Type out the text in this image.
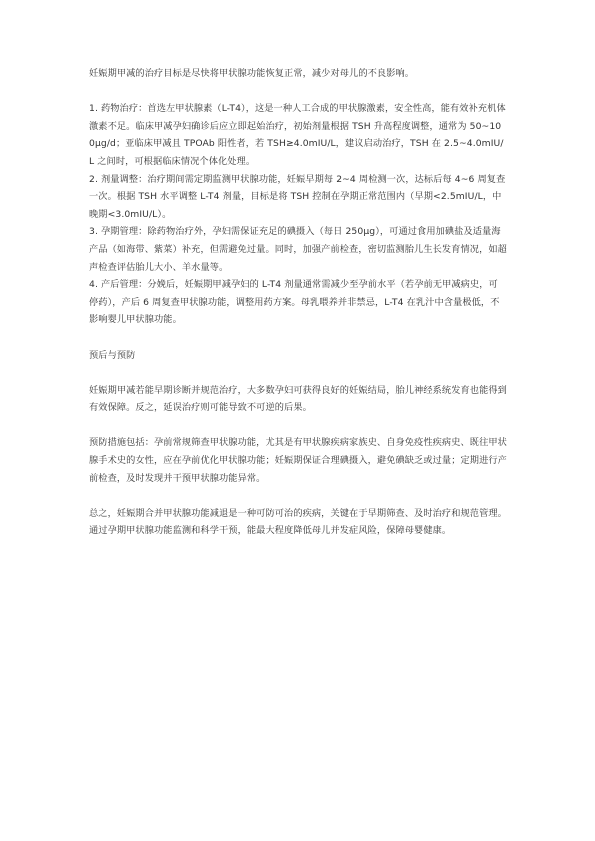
妊娠期甲减的治疗目标是尽快将甲状腺功能恢复正常，减少对母儿的不良影响。

1. 药物治疗：首选左甲状腺素（L-T4），这是一种人工合成的甲状腺激素，安全性高，能有效补充机体激素不足。临床甲减孕妇确诊后应立即起始治疗，初始剂量根据 TSH 升高程度调整，通常为 50~100μg/d；亚临床甲减且 TPOAb 阳性者，若 TSH≥4.0mIU/L，建议启动治疗，TSH 在 2.5~4.0mIU/L 之间时，可根据临床情况个体化处理。

2. 剂量调整：治疗期间需定期监测甲状腺功能，妊娠早期每 2~4 周检测一次，达标后每 4~6 周复查一次。根据 TSH 水平调整 L-T4 剂量，目标是将 TSH 控制在孕期正常范围内（早期<2.5mIU/L，中晚期<3.0mIU/L）。

3. 孕期管理：除药物治疗外，孕妇需保证充足的碘摄入（每日 250μg），可通过食用加碘盐及适量海产品（如海带、紫菜）补充，但需避免过量。同时，加强产前检查，密切监测胎儿生长发育情况，如超声检查评估胎儿大小、羊水量等。

4. 产后管理：分娩后，妊娠期甲减孕妇的 L-T4 剂量通常需减少至孕前水平（若孕前无甲减病史，可停药），产后 6 周复查甲状腺功能，调整用药方案。母乳喂养并非禁忌，L-T4 在乳汁中含量极低，不影响婴儿甲状腺功能。

预后与预防

妊娠期甲减若能早期诊断并规范治疗，大多数孕妇可获得良好的妊娠结局，胎儿神经系统发育也能得到有效保障。反之，延误治疗则可能导致不可逆的后果。

预防措施包括：孕前常规筛查甲状腺功能，尤其是有甲状腺疾病家族史、自身免疫性疾病史、既往甲状腺手术史的女性，应在孕前优化甲状腺功能；妊娠期保证合理碘摄入，避免碘缺乏或过量；定期进行产前检查，及时发现并干预甲状腺功能异常。

总之，妊娠期合并甲状腺功能减退是一种可防可治的疾病，关键在于早期筛查、及时治疗和规范管理。通过孕期甲状腺功能监测和科学干预，能最大程度降低母儿并发症风险，保障母婴健康。
